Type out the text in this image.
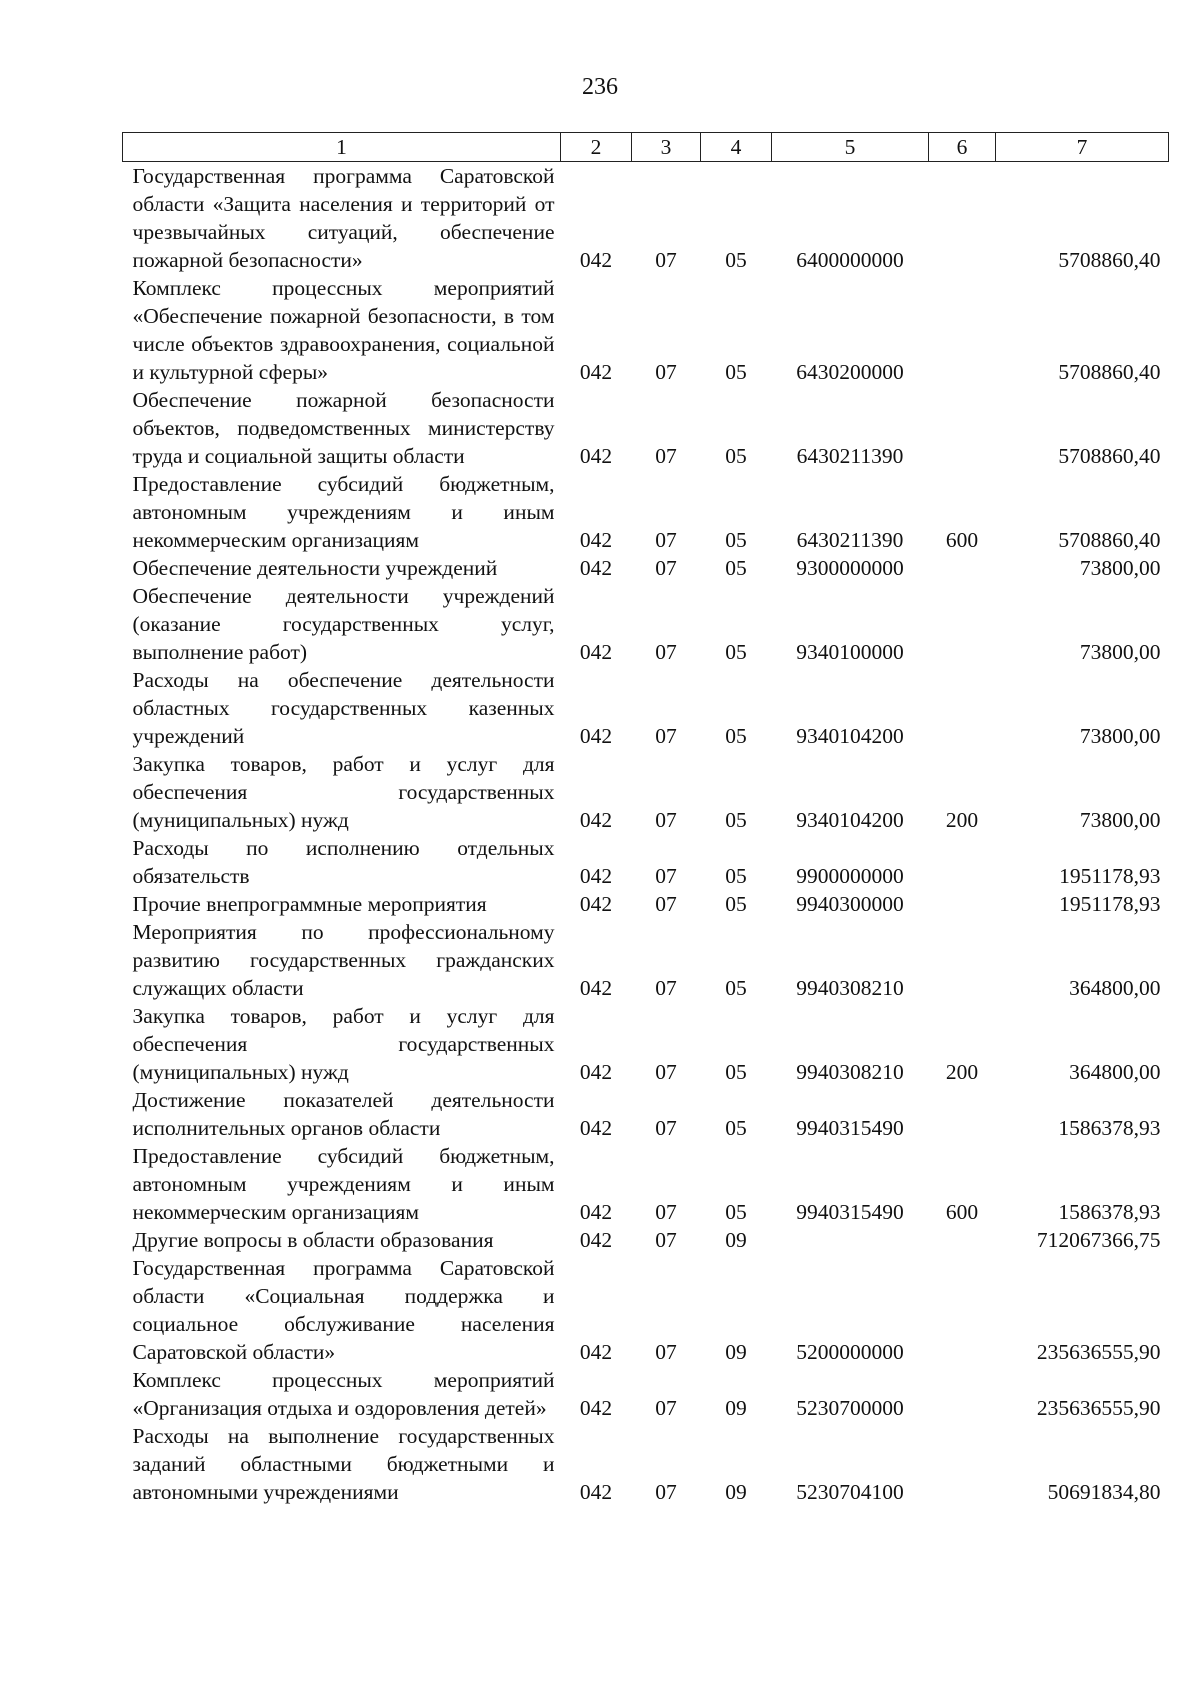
236
1	2	3	4	5	6	7
Государственная программа Саратовской области «Защита населения и территорий от чрезвычайных ситуаций, обеспечение пожарной безопасности»	042	07	05	6400000000		5708860,40
Комплекс процессных мероприятий «Обеспечение пожарной безопасности, в том числе объектов здравоохранения, социальной и культурной сферы»	042	07	05	6430200000		5708860,40
Обеспечение пожарной безопасности объектов, подведомственных министерству труда и социальной защиты области	042	07	05	6430211390		5708860,40
Предоставление субсидий бюджетным, автономным учреждениям и иным некоммерческим организациям	042	07	05	6430211390	600	5708860,40
Обеспечение деятельности учреждений	042	07	05	9300000000		73800,00
Обеспечение деятельности учреждений (оказание государственных услуг, выполнение работ)	042	07	05	9340100000		73800,00
Расходы на обеспечение деятельности областных государственных казенных учреждений	042	07	05	9340104200		73800,00
Закупка товаров, работ и услуг для обеспечения государственных (муниципальных) нужд	042	07	05	9340104200	200	73800,00
Расходы по исполнению отдельных обязательств	042	07	05	9900000000		1951178,93
Прочие внепрограммные мероприятия	042	07	05	9940300000		1951178,93
Мероприятия по профессиональному развитию государственных гражданских служащих области	042	07	05	9940308210		364800,00
Закупка товаров, работ и услуг для обеспечения государственных (муниципальных) нужд	042	07	05	9940308210	200	364800,00
Достижение показателей деятельности исполнительных органов области	042	07	05	9940315490		1586378,93
Предоставление субсидий бюджетным, автономным учреждениям и иным некоммерческим организациям	042	07	05	9940315490	600	1586378,93
Другие вопросы в области образования	042	07	09			712067366,75
Государственная программа Саратовской области «Социальная поддержка и социальное обслуживание населения Саратовской области»	042	07	09	5200000000		235636555,90
Комплекс процессных мероприятий «Организация отдыха и оздоровления детей»	042	07	09	5230700000		235636555,90
Расходы на выполнение государственных заданий областными бюджетными и автономными учреждениями	042	07	09	5230704100		50691834,80
